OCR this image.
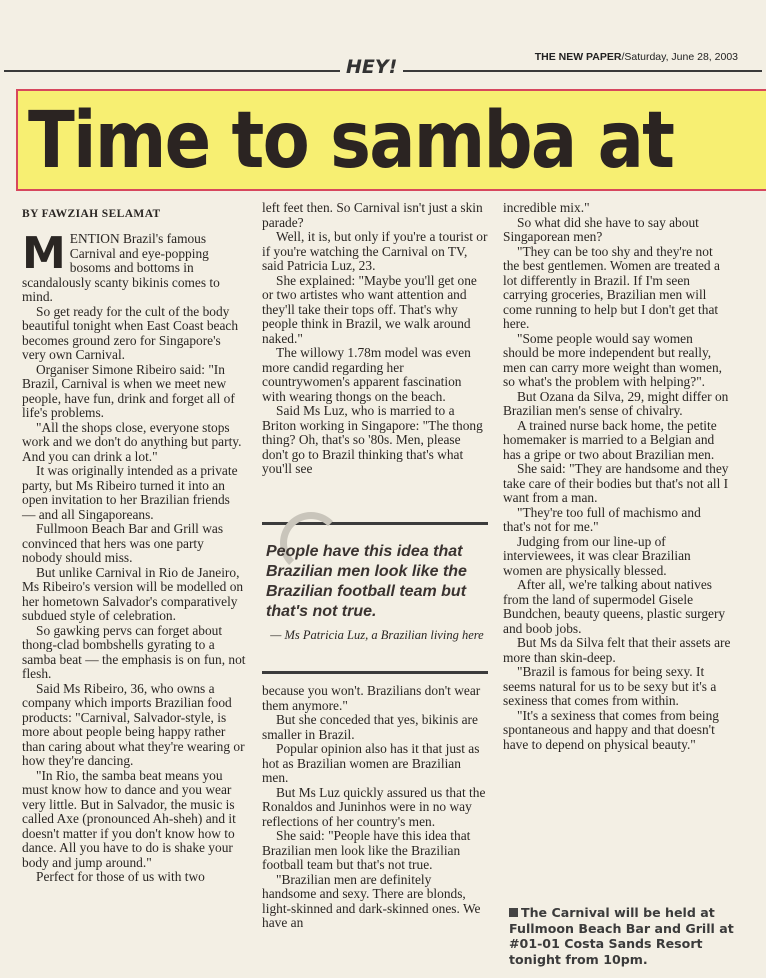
HEY!	THE NEW PAPER/Saturday, June 28, 2003
Time to samba at
BY FAWZIAH SELAMAT

MENTION Brazil's famous Carnival and eye-popping bosoms and bottoms in scandalously scanty bikinis comes to mind.

So get ready for the cult of the body beautiful tonight when East Coast beach becomes ground zero for Singapore's very own Carnival.

Organiser Simone Ribeiro said: "In Brazil, Carnival is when we meet new people, have fun, drink and forget all of life's problems.

"All the shops close, everyone stops work and we don't do anything but party. And you can drink a lot."

It was originally intended as a private party, but Ms Ribeiro turned it into an open invitation to her Brazilian friends — and all Singaporeans.

Fullmoon Beach Bar and Grill was convinced that hers was one party nobody should miss.

But unlike Carnival in Rio de Janeiro, Ms Ribeiro's version will be modelled on her hometown Salvador's comparatively subdued style of celebration.

So gawking pervs can forget about thong-clad bombshells gyrating to a samba beat — the emphasis is on fun, not flesh.

Said Ms Ribeiro, 36, who owns a company which imports Brazilian food products: "Carnival, Salvador-style, is more about people being happy rather than caring about what they're wearing or how they're dancing.

"In Rio, the samba beat means you must know how to dance and you wear very little. But in Salvador, the music is called Axe (pronounced Ah-sheh) and it doesn't matter if you don't know how to dance. All you have to do is shake your body and jump around."

Perfect for those of us with two

left feet then. So Carnival isn't just a skin parade?

Well, it is, but only if you're a tourist or if you're watching the Carnival on TV, said Patricia Luz, 23.

She explained: "Maybe you'll get one or two artistes who want attention and they'll take their tops off. That's why people think in Brazil, we walk around naked."

The willowy 1.78m model was even more candid regarding her countrywomen's apparent fascination with wearing thongs on the beach.

Said Ms Luz, who is married to a Briton working in Singapore: "The thong thing? Oh, that's so '80s. Men, please don't go to Brazil thinking that's what you'll see

People have this idea that Brazilian men look like the Brazilian football team but that's not true.
— Ms Patricia Luz, a Brazilian living here

because you won't. Brazilians don't wear them anymore."

But she conceded that yes, bikinis are smaller in Brazil.

Popular opinion also has it that just as hot as Brazilian women are Brazilian men.

But Ms Luz quickly assured us that the Ronaldos and Juninhos were in no way reflections of her country's men.

She said: "People have this idea that Brazilian men look like the Brazilian football team but that's not true.

"Brazilian men are definitely handsome and sexy. There are blonds, light-skinned and dark-skinned ones. We have an

incredible mix."

So what did she have to say about Singaporean men?

"They can be too shy and they're not the best gentlemen. Women are treated a lot differently in Brazil. If I'm seen carrying groceries, Brazilian men will come running to help but I don't get that here.

"Some people would say women should be more independent but really, men can carry more weight than women, so what's the problem with helping?".

But Ozana da Silva, 29, might differ on Brazilian men's sense of chivalry.

A trained nurse back home, the petite homemaker is married to a Belgian and has a gripe or two about Brazilian men.

She said: "They are handsome and they take care of their bodies but that's not all I want from a man.

"They're too full of machismo and that's not for me."

Judging from our line-up of interviewees, it was clear Brazilian women are physically blessed.

After all, we're talking about natives from the land of supermodel Gisele Bundchen, beauty queens, plastic surgery and boob jobs.

But Ms da Silva felt that their assets are more than skin-deep.

"Brazil is famous for being sexy. It seems natural for us to be sexy but it's a sexiness that comes from within.

"It's a sexiness that comes from being spontaneous and happy and that doesn't have to depend on physical beauty."

The Carnival will be held at Fullmoon Beach Bar and Grill at #01-01 Costa Sands Resort tonight from 10pm.
